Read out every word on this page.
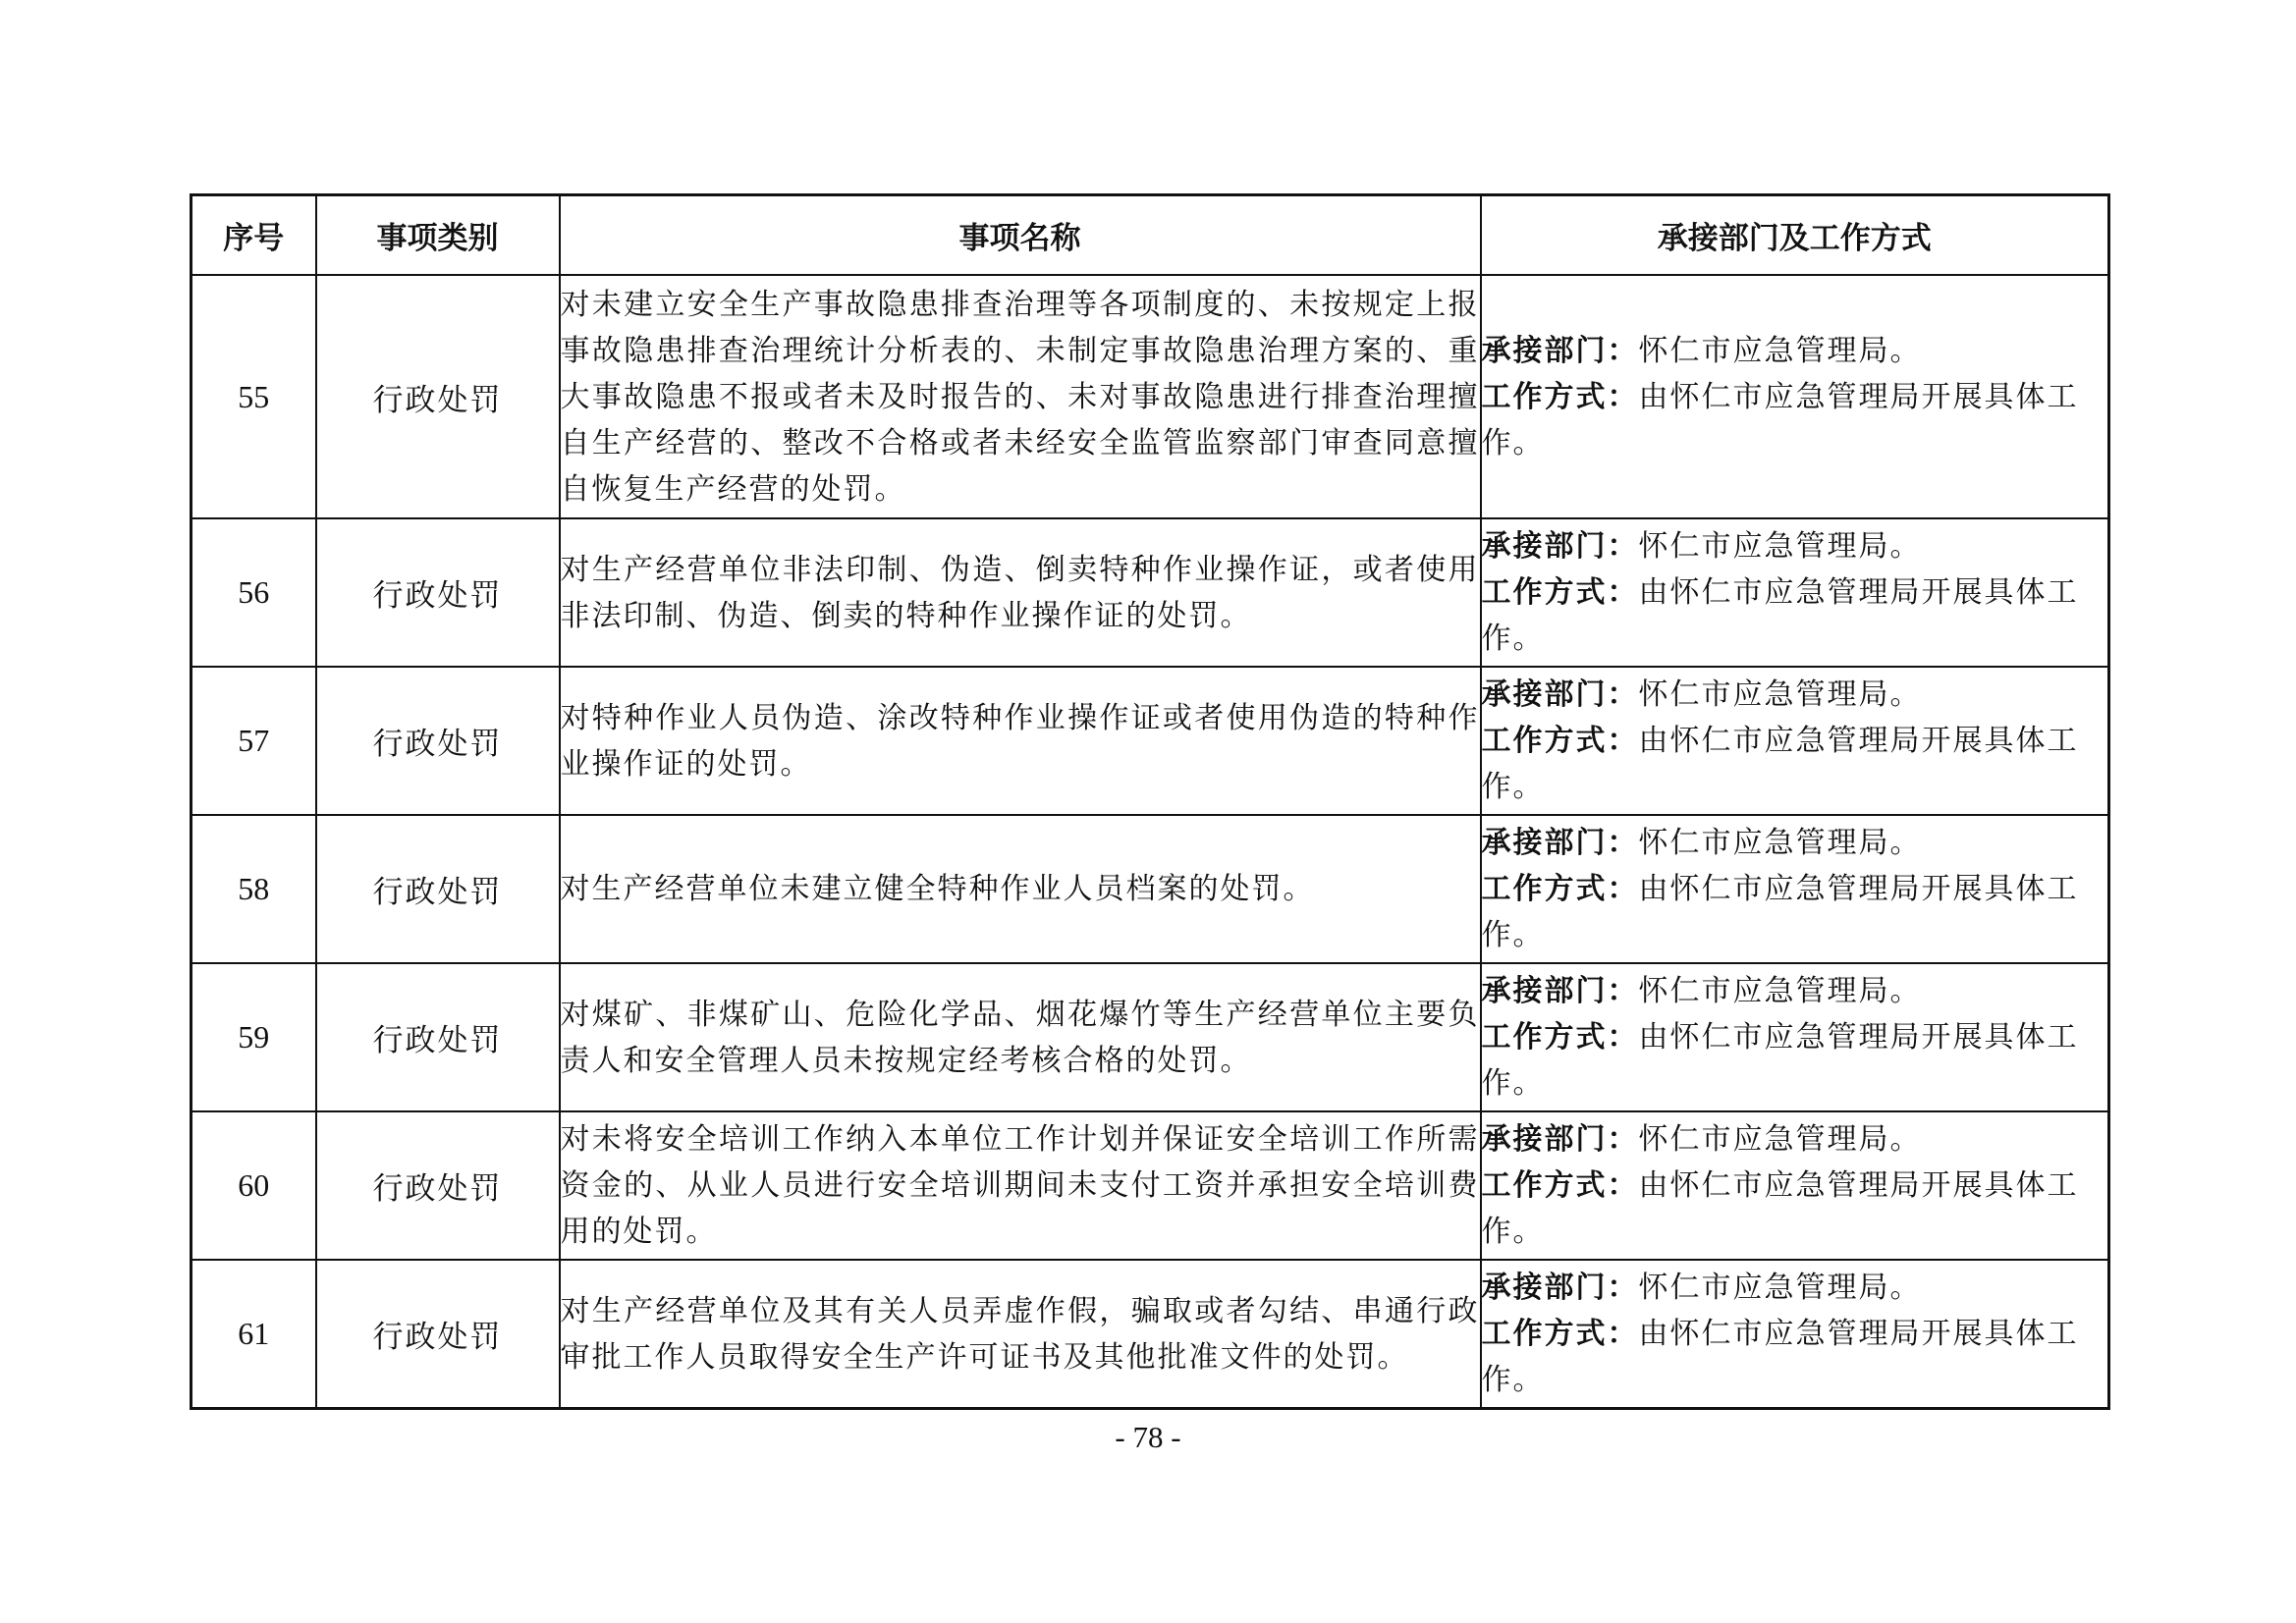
序号	事项类别	事项名称	承接部门及工作方式
55	行政处罚	对未建立安全生产事故隐患排查治理等各项制度的、未按规定上报事故隐患排查治理统计分析表的、未制定事故隐患治理方案的、重大事故隐患不报或者未及时报告的、未对事故隐患进行排查治理擅自生产经营的、整改不合格或者未经安全监管监察部门审查同意擅自恢复生产经营的处罚。	承接部门：怀仁市应急管理局。
工作方式：由怀仁市应急管理局开展具体工作。

56	行政处罚	对生产经营单位非法印制、伪造、倒卖特种作业操作证，或者使用非法印制、伪造、倒卖的特种作业操作证的处罚。	承接部门：怀仁市应急管理局。
工作方式：由怀仁市应急管理局开展具体工作。

57	行政处罚	对特种作业人员伪造、涂改特种作业操作证或者使用伪造的特种作业操作证的处罚。	承接部门：怀仁市应急管理局。
工作方式：由怀仁市应急管理局开展具体工作。

58	行政处罚	对生产经营单位未建立健全特种作业人员档案的处罚。	承接部门：怀仁市应急管理局。
工作方式：由怀仁市应急管理局开展具体工作。

59	行政处罚	对煤矿、非煤矿山、危险化学品、烟花爆竹等生产经营单位主要负责人和安全管理人员未按规定经考核合格的处罚。	承接部门：怀仁市应急管理局。
工作方式：由怀仁市应急管理局开展具体工作。

60	行政处罚	对未将安全培训工作纳入本单位工作计划并保证安全培训工作所需资金的、从业人员进行安全培训期间未支付工资并承担安全培训费用的处罚。	承接部门：怀仁市应急管理局。
工作方式：由怀仁市应急管理局开展具体工作。

61	行政处罚	对生产经营单位及其有关人员弄虚作假，骗取或者勾结、串通行政审批工作人员取得安全生产许可证书及其他批准文件的处罚。	承接部门：怀仁市应急管理局。
工作方式：由怀仁市应急管理局开展具体工作。
- 78 -
